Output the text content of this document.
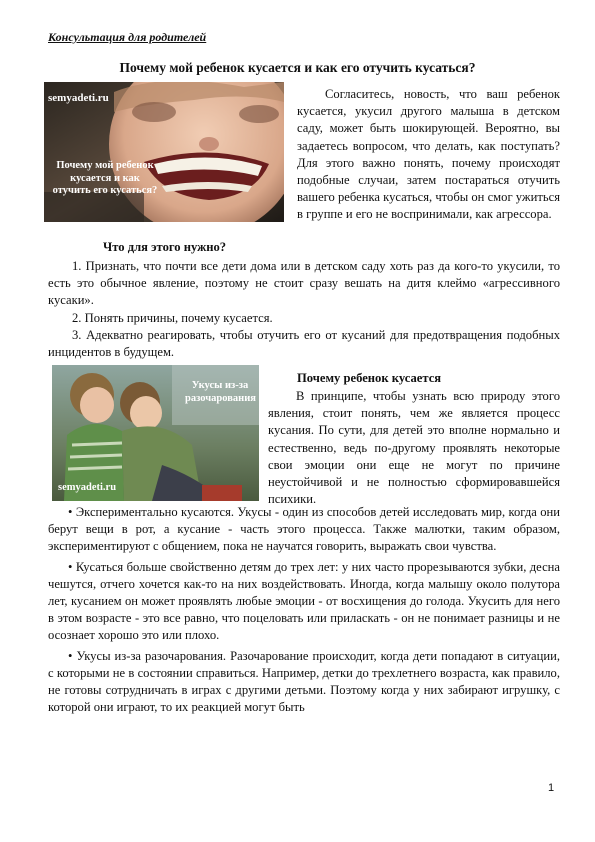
Консультация для родителей
Почему мой ребенок кусается и как его отучить кусаться?
semyadeti.ru
Почему мой ребенок
кусается и как
отучить его кусаться?
Согласитесь, новость, что ваш ребенок кусается, укусил другого малыша в детском саду, может быть шокирующей. Вероятно, вы задаетесь вопросом, что делать, как поступать? Для этого важно понять, почему происходят подобные случаи, затем постараться отучить вашего ребенка кусаться, чтобы он смог ужиться в группе и его не воспринимали, как агрессора.
Что для этого нужно?

1. Признать, что почти все дети дома или в детском саду хоть раз да кого-то укусили, то есть это обычное явление, поэтому не стоит сразу вешать на дитя клеймо «агрессивного кусаки».

2. Понять причины, почему кусается.

3. Адекватно реагировать, чтобы отучить его от кусаний для предотвращения подобных инцидентов в будущем.

Укусы из-за
разочарования
semyadeti.ru
Почему ребенок кусается
В принципе, чтобы узнать всю природу этого явления, стоит понять, чем же является процесс кусания. По сути, для детей это вполне нормально и естественно, ведь по-другому проявлять некоторые свои эмоции они еще не могут по причине неустойчивой и не полностью сформировавшейся психики.

• Экспериментально кусаются. Укусы - один из способов детей исследовать мир, когда они берут вещи в рот, а кусание - часть этого процесса. Также малютки, таким образом, экспериментируют с общением, пока не научатся говорить, выражать свои чувства.

• Кусаться больше свойственно детям до трех лет: у них часто прорезываются зубки, десна чешутся, отчего хочется как-то на них воздействовать. Иногда, когда малышу около полутора лет, кусанием он может проявлять любые эмоции - от восхищения до голода. Укусить для него в этом возрасте - это все равно, что поцеловать или приласкать - он не понимает разницы и не осознает хорошо это или плохо.

• Укусы из-за разочарования. Разочарование происходит, когда дети попадают в ситуации, с которыми не в состоянии справиться. Например, детки до трехлетнего возраста, как правило, не готовы сотрудничать в играх с другими детьми. Поэтому когда у них забирают игрушку, с которой они играют, то их реакцией могут быть

1
